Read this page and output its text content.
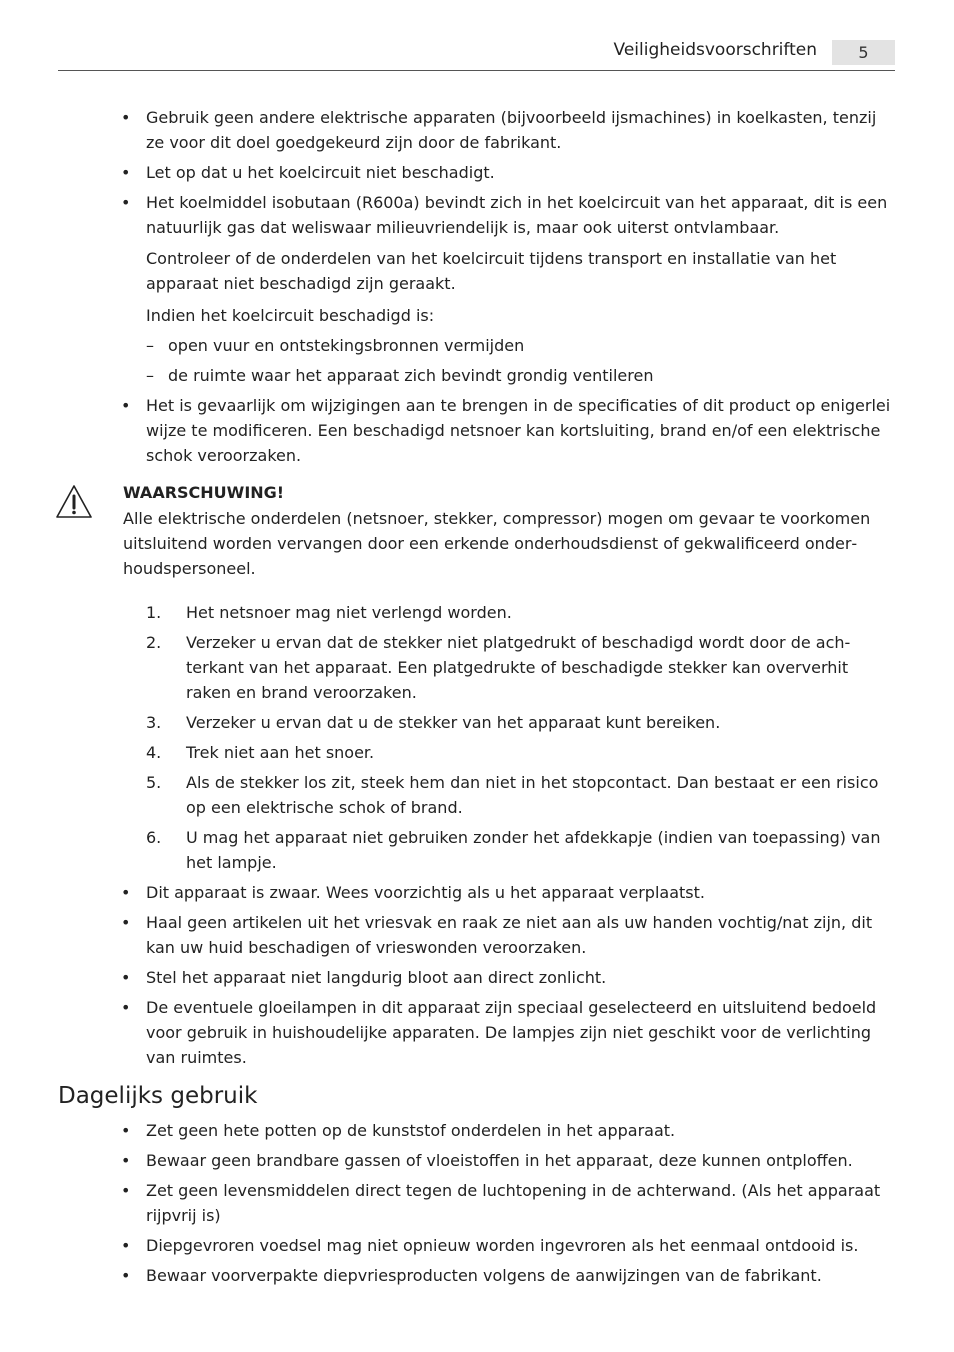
Veiligheidsvoorschriften	5
• Gebruik geen andere elektrische apparaten (bijvoorbeeld ijsmachines) in koelkasten, tenzij ze voor dit doel goedgekeurd zijn door de fabrikant.
• Let op dat u het koelcircuit niet beschadigt.
• Het koelmiddel isobutaan (R600a) bevindt zich in het koelcircuit van het apparaat, dit is een natuurlijk gas dat weliswaar milieuvriendelijk is, maar ook uiterst ontvlambaar.
Controleer of de onderdelen van het koelcircuit tijdens transport en installatie van het apparaat niet beschadigd zijn geraakt.
Indien het koelcircuit beschadigd is:
– open vuur en ontstekingsbronnen vermijden
– de ruimte waar het apparaat zich bevindt grondig ventileren
• Het is gevaarlijk om wijzigingen aan te brengen in de specificaties of dit product op enigerlei wijze te modificeren. Een beschadigd netsnoer kan kortsluiting, brand en/of een elektrische schok veroorzaken.
WAARSCHUWING!
Alle elektrische onderdelen (netsnoer, stekker, compressor) mogen om gevaar te voorkomen uitsluitend worden vervangen door een erkende onderhoudsdienst of gekwalificeerd onderhoudspersoneel.
1. Het netsnoer mag niet verlengd worden.
2. Verzeker u ervan dat de stekker niet platgedrukt of beschadigd wordt door de achterkant van het apparaat. Een platgedrukte of beschadigde stekker kan oververhit raken en brand veroorzaken.
3. Verzeker u ervan dat u de stekker van het apparaat kunt bereiken.
4. Trek niet aan het snoer.
5. Als de stekker los zit, steek hem dan niet in het stopcontact. Dan bestaat er een risico op een elektrische schok of brand.
6. U mag het apparaat niet gebruiken zonder het afdekkapje (indien van toepassing) van het lampje.
• Dit apparaat is zwaar. Wees voorzichtig als u het apparaat verplaatst.
• Haal geen artikelen uit het vriesvak en raak ze niet aan als uw handen vochtig/nat zijn, dit kan uw huid beschadigen of vrieswonden veroorzaken.
• Stel het apparaat niet langdurig bloot aan direct zonlicht.
• De eventuele gloeilampen in dit apparaat zijn speciaal geselecteerd en uitsluitend bedoeld voor gebruik in huishoudelijke apparaten. De lampjes zijn niet geschikt voor de verlichting van ruimtes.
Dagelijks gebruik
• Zet geen hete potten op de kunststof onderdelen in het apparaat.
• Bewaar geen brandbare gassen of vloeistoffen in het apparaat, deze kunnen ontploffen.
• Zet geen levensmiddelen direct tegen de luchtopening in de achterwand. (Als het apparaat rijpvrij is)
• Diepgevroren voedsel mag niet opnieuw worden ingevroren als het eenmaal ontdooid is.
• Bewaar voorverpakte diepvriesproducten volgens de aanwijzingen van de fabrikant.
